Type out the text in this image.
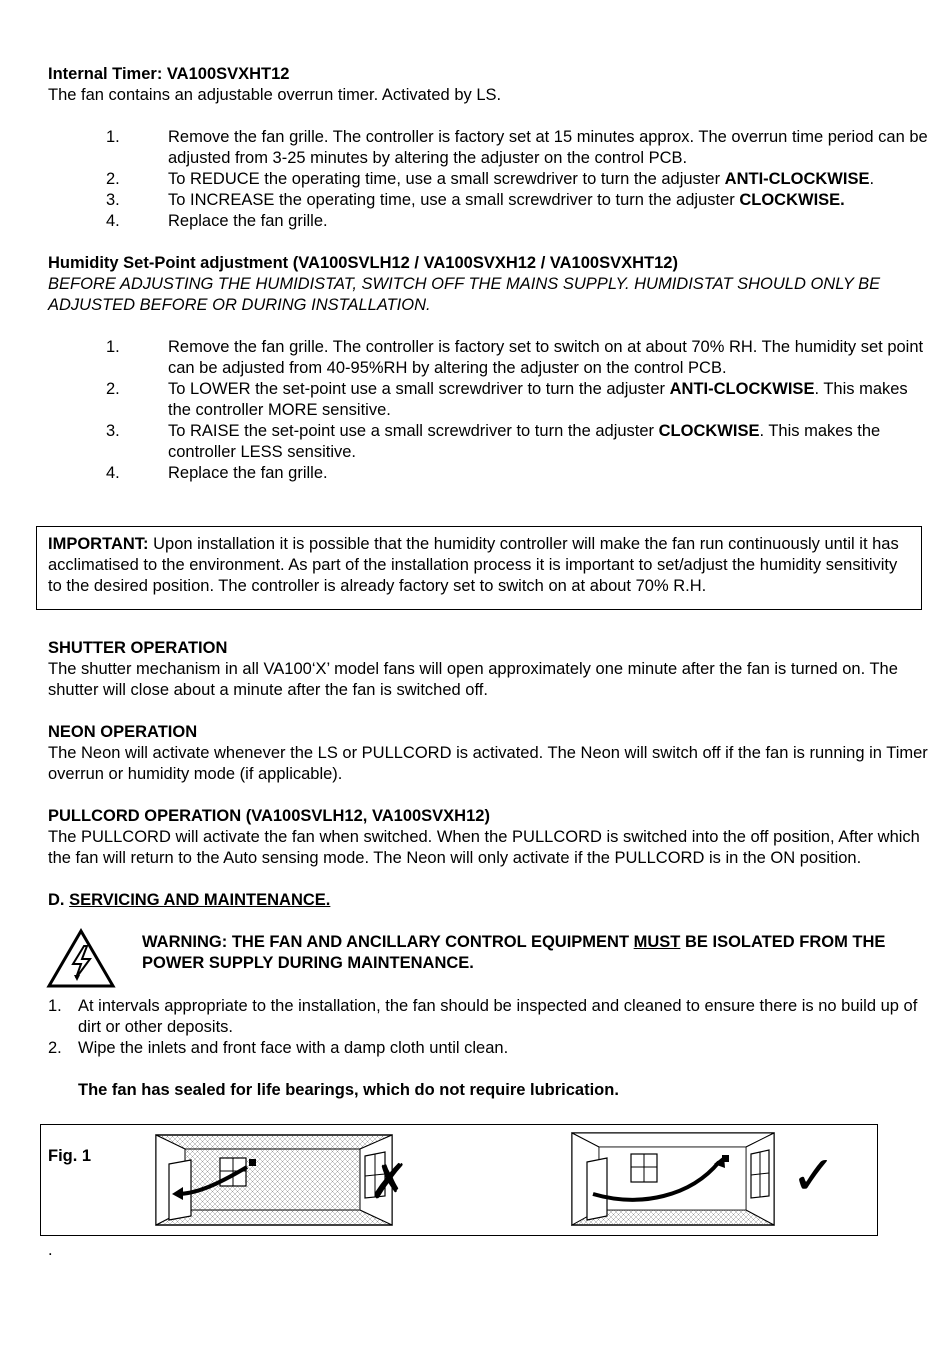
Internal Timer: VA100SVXHT12

The fan contains an adjustable overrun timer. Activated by LS.

1.	Remove the fan grille. The controller is factory set at 15 minutes approx. The overrun time period can be adjusted from 3-25 minutes by altering the adjuster on the control PCB.
2.	To REDUCE the operating time, use a small screwdriver to turn the adjuster ANTI-CLOCKWISE.
3.	To INCREASE the operating time, use a small screwdriver to turn the adjuster CLOCKWISE.
4.	Replace the fan grille.

Humidity Set-Point adjustment (VA100SVLH12 / VA100SVXH12 / VA100SVXHT12)

BEFORE ADJUSTING THE HUMIDISTAT, SWITCH OFF THE MAINS SUPPLY. HUMIDISTAT SHOULD ONLY BE ADJUSTED BEFORE OR DURING INSTALLATION.

1.	Remove the fan grille. The controller is factory set to switch on at about 70% RH. The humidity set point can be adjusted from 40-95%RH by altering the adjuster on the control PCB.
2.	To LOWER the set-point use a small screwdriver to turn the adjuster ANTI-CLOCKWISE. This makes the controller MORE sensitive.
3.	To RAISE the set-point use a small screwdriver to turn the adjuster CLOCKWISE. This makes the controller LESS sensitive.
4.	Replace the fan grille.
IMPORTANT: Upon installation it is possible that the humidity controller will make the fan run continuously until it has acclimatised to the environment. As part of the installation process it is important to set/adjust the humidity sensitivity to the desired position. The controller is already factory set to switch on at about 70% R.H.

SHUTTER OPERATION

The shutter mechanism in all VA100‘X’ model fans will open approximately one minute after the fan is turned on. The shutter will close about a minute after the fan is switched off.

NEON OPERATION

The Neon will activate whenever the LS or PULLCORD is activated. The Neon will switch off if the fan is running in Timer overrun or humidity mode (if applicable).

PULLCORD OPERATION (VA100SVLH12, VA100SVXH12)

The PULLCORD will activate the fan when switched. When the PULLCORD is switched into the off position, After which the fan will return to the Auto sensing mode. The Neon will only activate if the PULLCORD is in the ON position.

D. SERVICING AND MAINTENANCE.

WARNING: THE FAN AND ANCILLARY CONTROL EQUIPMENT MUST BE ISOLATED FROM THE POWER SUPPLY DURING MAINTENANCE.
1. At intervals appropriate to the installation, the fan should be inspected and cleaned to ensure there is no build up of dirt or other deposits.
2. Wipe the inlets and front face with a damp cloth until clean.

The fan has sealed for life bearings, which do not require lubrication.

Fig. 1	✗	✓
.
